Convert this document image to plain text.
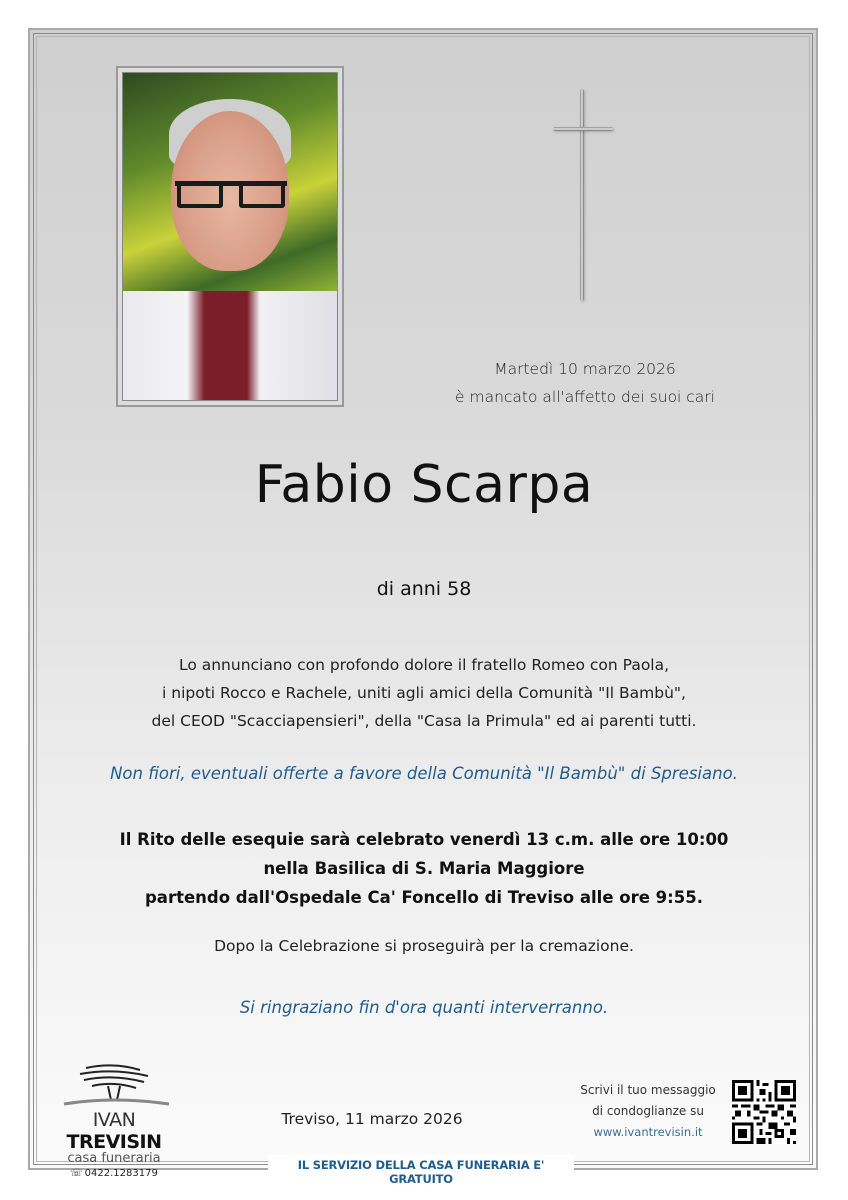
Martedì 10 marzo 2026
è mancato all'affetto dei suoi cari
Fabio Scarpa
di anni 58
Lo annunciano con profondo dolore il fratello Romeo con Paola,
i nipoti Rocco e Rachele, uniti agli amici della Comunità "Il Bambù",
del CEOD "Scacciapensieri", della "Casa la Primula" ed ai parenti tutti.
Non fiori, eventuali offerte a favore della Comunità "Il Bambù" di Spresiano.
Il Rito delle esequie sarà celebrato venerdì 13 c.m. alle ore 10:00
nella Basilica di S. Maria Maggiore
partendo dall'Ospedale Ca' Foncello di Treviso alle ore 9:55.
Dopo la Celebrazione si proseguirà per la cremazione.
Si ringraziano fin d'ora quanti interverranno.
IVAN TREVISIN
casa funeraria
☏ 0422.1283179
Treviso, 11 marzo 2026
Scrivi il tuo messaggio
di condoglianze su
www.ivantrevisin.it
IL SERVIZIO DELLA CASA FUNERARIA E' GRATUITO
